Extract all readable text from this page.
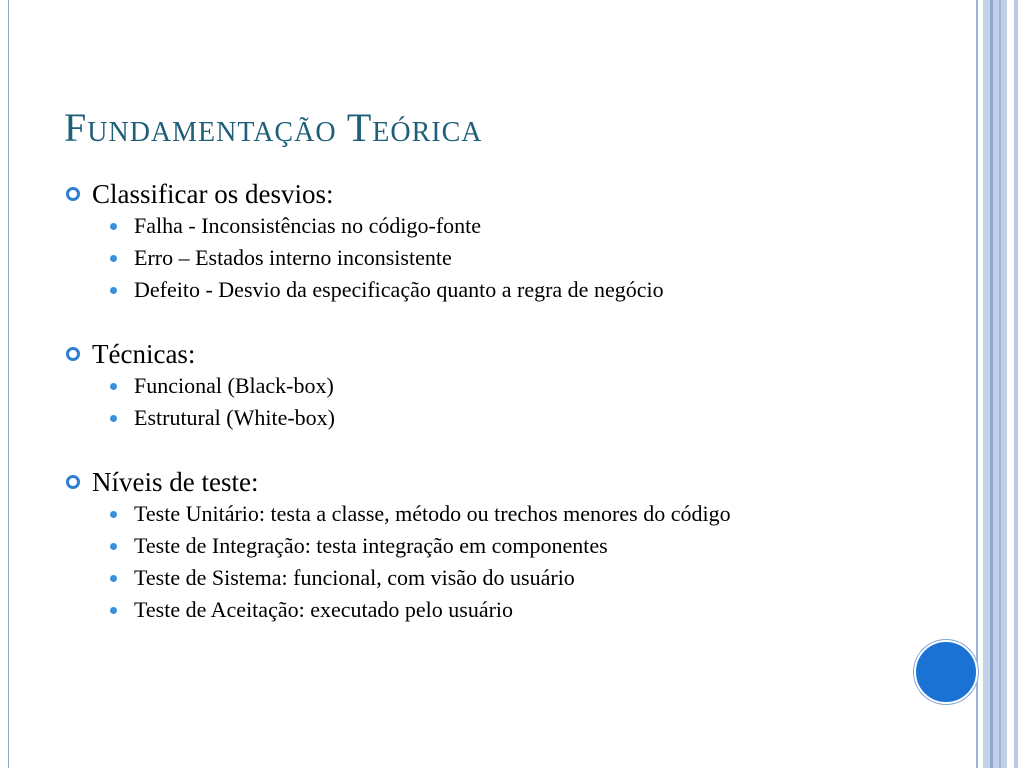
Fundamentação Teórica
Classificar os desvios:
Falha - Inconsistências no código-fonte
Erro – Estados interno inconsistente
Defeito - Desvio da especificação quanto a regra de negócio
Técnicas:
Funcional (Black-box)
Estrutural (White-box)
Níveis de teste:
Teste Unitário: testa a classe, método ou trechos menores do código
Teste de Integração: testa integração em componentes
Teste de Sistema: funcional, com visão do usuário
Teste de Aceitação: executado pelo usuário
